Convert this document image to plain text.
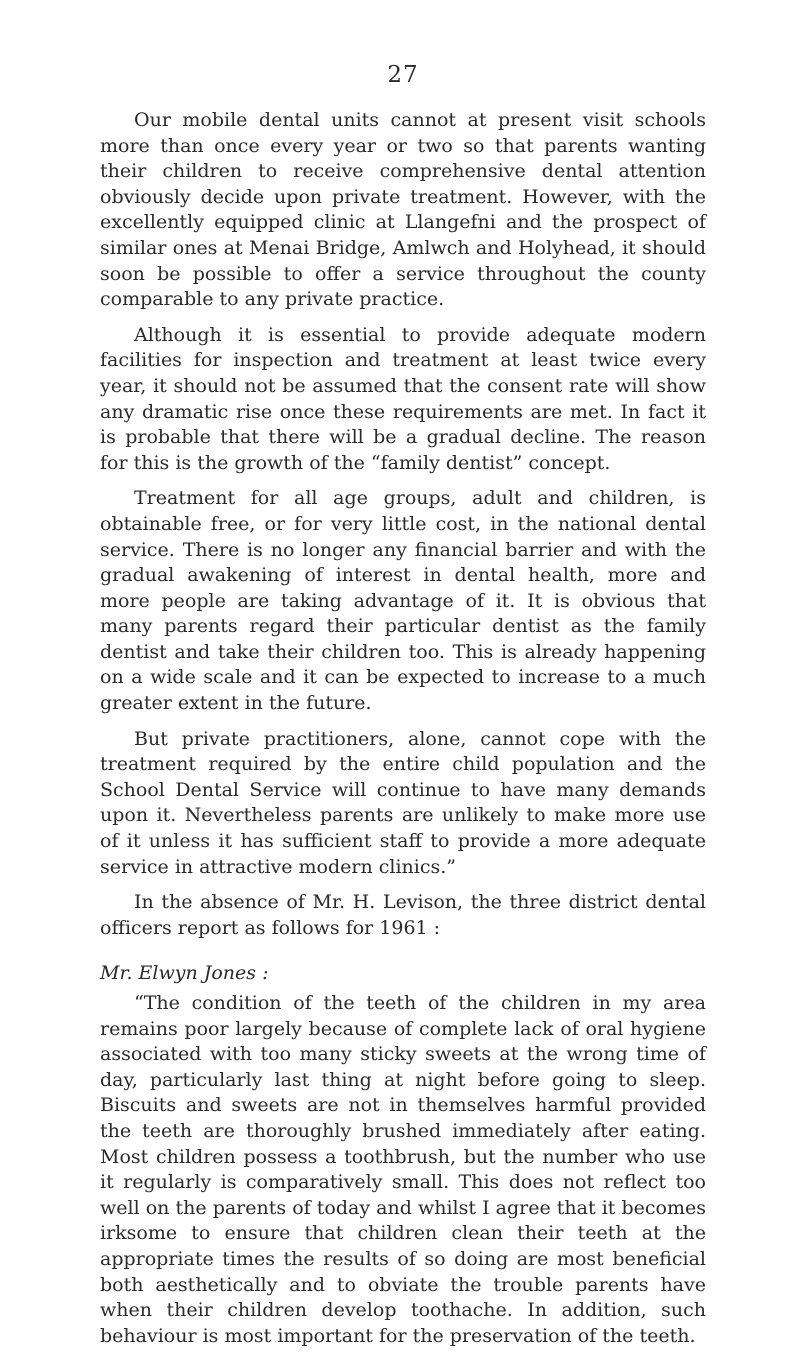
27

Our mobile dental units cannot at present visit schools more than once every year or two so that parents wanting their children to receive comprehensive dental attention obviously decide upon private treatment. However, with the excellently equipped clinic at Llangefni and the prospect of similar ones at Menai Bridge, Amlwch and Holyhead, it should soon be possible to offer a service throughout the county comparable to any private practice.

Although it is essential to provide adequate modern facilities for inspection and treatment at least twice every year, it should not be assumed that the consent rate will show any dramatic rise once these requirements are met. In fact it is probable that there will be a gradual decline. The reason for this is the growth of the “family dentist” concept.

Treatment for all age groups, adult and children, is obtainable free, or for very little cost, in the national dental service. There is no longer any financial barrier and with the gradual awakening of interest in dental health, more and more people are taking advantage of it. It is obvious that many parents regard their particular dentist as the family dentist and take their children too. This is already happening on a wide scale and it can be expected to increase to a much greater extent in the future.

But private practitioners, alone, cannot cope with the treatment required by the entire child population and the School Dental Service will continue to have many demands upon it. Nevertheless parents are unlikely to make more use of it unless it has sufficient staff to provide a more adequate service in attractive modern clinics.”

In the absence of Mr. H. Levison, the three district dental officers report as follows for 1961 :

Mr. Elwyn Jones :

“The condition of the teeth of the children in my area remains poor largely because of complete lack of oral hygiene associated with too many sticky sweets at the wrong time of day, particularly last thing at night before going to sleep. Biscuits and sweets are not in themselves harmful provided the teeth are thoroughly brushed immediately after eating. Most children possess a toothbrush, but the number who use it regularly is comparatively small. This does not reflect too well on the parents of today and whilst I agree that it becomes irksome to ensure that children clean their teeth at the appropriate times the results of so doing are most beneficial both aesthetically and to obviate the trouble parents have when their children develop toothache. In addition, such behaviour is most important for the preservation of the teeth.
